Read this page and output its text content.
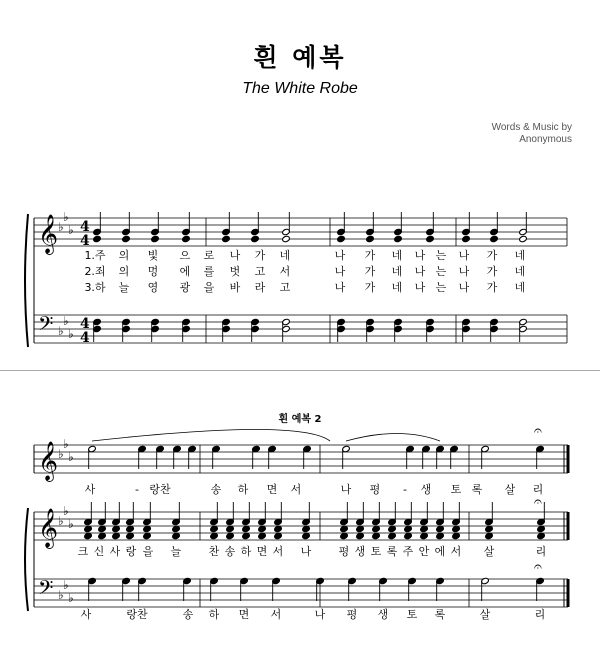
흰 예복
The White Robe
Words & Music by
Anonymous
흰 예복 2
𝄞
𝄢
♭
♭
♭
♭
♭
♭
4
4
4
4
𝄞
𝄞
𝄢
♭
♭
♭
♭
♭
♭
♭
♭
♭
𝄐
𝄐
𝄐
1.주 의 빛 으 로 나 가 네	나 가 네 나 는 나 가 네
2.죄 의 멍 에 를 벗 고 서	나 가 네 나 는 나 가 네
3.하 늘 영 광 을 바 라 고	나 가 네 나 는 나 가 네
사	- 랑찬	송 하 면 서	나 평 - 생 토 록 살 리
크 신 사 랑 을 늘 찬 송 하 면 서 나 평 생 토 록 주 안 에 서 살	리
사	랑찬	송 하 면 서	나 평 생 토 록	살	리
